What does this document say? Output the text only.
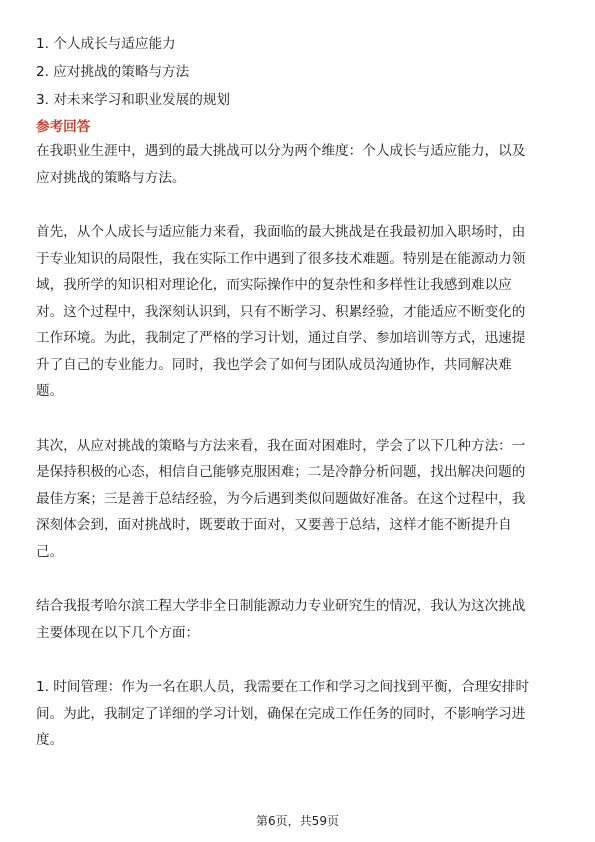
1. 个人成长与适应能力
2. 应对挑战的策略与方法
3. 对未来学习和职业发展的规划
参考回答
在我职业生涯中，遇到的最大挑战可以分为两个维度：个人成长与适应能力，以及
应对挑战的策略与方法。
首先，从个人成长与适应能力来看，我面临的最大挑战是在我最初加入职场时，由
于专业知识的局限性，我在实际工作中遇到了很多技术难题。特别是在能源动力领
域，我所学的知识相对理论化，而实际操作中的复杂性和多样性让我感到难以应
对。这个过程中，我深刻认识到，只有不断学习、积累经验，才能适应不断变化的
工作环境。为此，我制定了严格的学习计划，通过自学、参加培训等方式，迅速提
升了自己的专业能力。同时，我也学会了如何与团队成员沟通协作，共同解决难
题。
其次，从应对挑战的策略与方法来看，我在面对困难时，学会了以下几种方法：一
是保持积极的心态，相信自己能够克服困难；二是冷静分析问题，找出解决问题的
最佳方案；三是善于总结经验，为今后遇到类似问题做好准备。在这个过程中，我
深刻体会到，面对挑战时，既要敢于面对，又要善于总结，这样才能不断提升自
己。
结合我报考哈尔滨工程大学非全日制能源动力专业研究生的情况，我认为这次挑战
主要体现在以下几个方面：
1. 时间管理：作为一名在职人员，我需要在工作和学习之间找到平衡，合理安排时
间。为此，我制定了详细的学习计划，确保在完成工作任务的同时，不影响学习进
度。
第6页，共59页
